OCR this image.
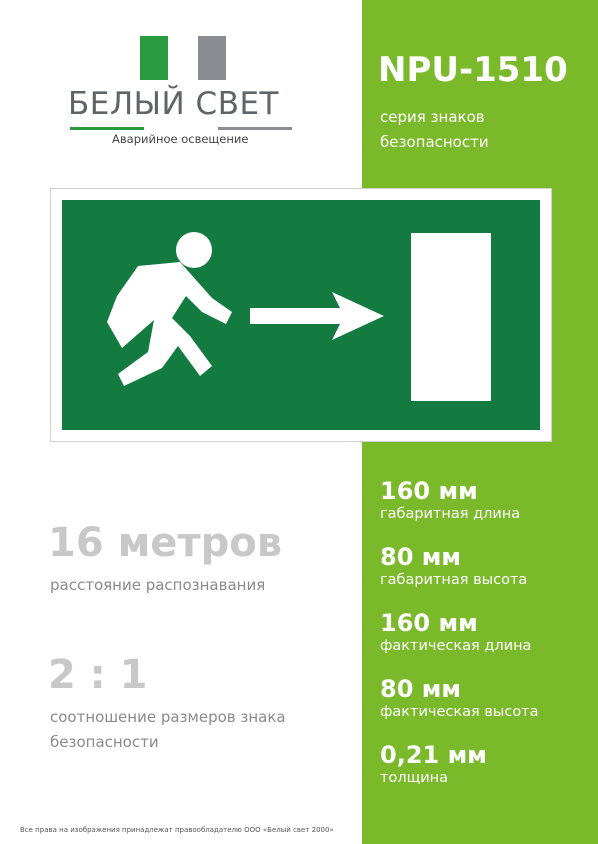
БЕЛЫЙ СВЕТ
Аварийное освещение
NPU-1510
серия знаков
безопасности
16 метров
расстояние распознавания
2 : 1
соотношение размеров знака
безопасности
160 мм
габаритная длина
80 мм
габаритная высота
160 мм
фактическая длина
80 мм
фактическая высота
0,21 мм
толщина
Все права на изображения принадлежат правообладателю ООО «Белый свет 2000»
